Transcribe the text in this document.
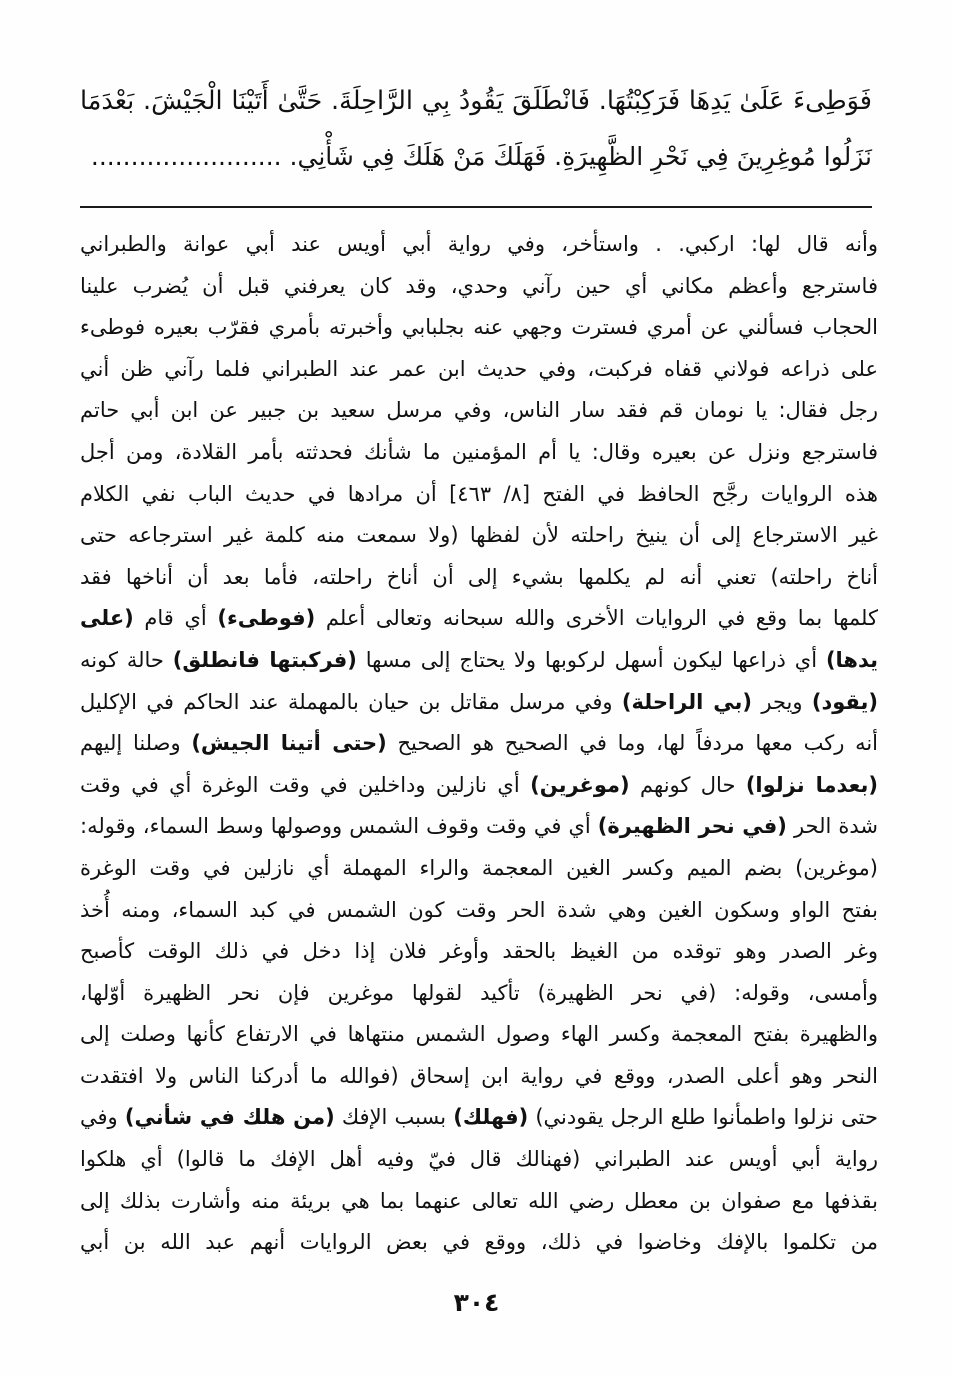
فَوَطِىءَ عَلَىٰ يَدِهَا فَرَكِبْتُهَا. فَانْطَلَقَ يَقُودُ بِي الرَّاحِلَةَ. حَتَّىٰ أَتَيْنَا الْجَيْشَ. بَعْدَمَا
نَزَلُوا مُوغِرِينَ فِي نَحْرِ الظَّهِيرَةِ. فَهَلَكَ مَنْ هَلَكَ فِي شَأْنِي. ........................
وأنه قال لها: اركبي. . واستأخر، وفي رواية أبي أويس عند أبي عوانة والطبراني
فاسترجع وأعظم مكاني أي حين رآني وحدي، وقد كان يعرفني قبل أن يُضرب علينا
الحجاب فسألني عن أمري فسترت وجهي عنه بجلبابي وأخبرته بأمري فقرّب بعيره فوطىء
على ذراعه فولاني قفاه فركبت، وفي حديث ابن عمر عند الطبراني فلما رآني ظن أني
رجل فقال: يا نومان قم فقد سار الناس، وفي مرسل سعيد بن جبير عن ابن أبي حاتم
فاسترجع ونزل عن بعيره وقال: يا أم المؤمنين ما شأنك فحدثته بأمر القلادة، ومن أجل
هذه الروايات رجَّح الحافظ في الفتح [٨/ ٤٦٣] أن مرادها في حديث الباب نفي الكلام
غير الاسترجاع إلى أن ينيخ راحلته لأن لفظها (ولا سمعت منه كلمة غير استرجاعه حتى
أناخ راحلته) تعني أنه لم يكلمها بشيء إلى أن أناخ راحلته، فأما بعد أن أناخها فقد
كلمها بما وقع في الروايات الأخرى والله سبحانه وتعالى أعلم (فوطىء) أي قام (على
يدها) أي ذراعها ليكون أسهل لركوبها ولا يحتاج إلى مسها (فركبتها فانطلق) حالة كونه
(يقود) ويجر (بي الراحلة) وفي مرسل مقاتل بن حيان بالمهملة عند الحاكم في الإكليل
أنه ركب معها مردفاً لها، وما في الصحيح هو الصحيح (حتى أتينا الجيش) وصلنا إليهم
(بعدما نزلوا) حال كونهم (موغرين) أي نازلين وداخلين في وقت الوغرة أي في وقت
شدة الحر (في نحر الظهيرة) أي في وقت وقوف الشمس ووصولها وسط السماء، وقوله:
(موغرين) بضم الميم وكسر الغين المعجمة والراء المهملة أي نازلين في وقت الوغرة
بفتح الواو وسكون الغين وهي شدة الحر وقت كون الشمس في كبد السماء، ومنه أُخذ
وغر الصدر وهو توقده من الغيظ بالحقد وأوغر فلان إذا دخل في ذلك الوقت كأصبح
وأمسى، وقوله: (في نحر الظهيرة) تأكيد لقولها موغرين فإن نحر الظهيرة أوّلها،
والظهيرة بفتح المعجمة وكسر الهاء وصول الشمس منتهاها في الارتفاع كأنها وصلت إلى
النحر وهو أعلى الصدر، ووقع في رواية ابن إسحاق (فوالله ما أدركنا الناس ولا افتقدت
حتى نزلوا واطمأنوا طلع الرجل يقودني) (فهلك) بسبب الإفك (من هلك في شأني) وفي
رواية أبي أويس عند الطبراني (فهنالك قال فيّ وفيه أهل الإفك ما قالوا) أي هلكوا
بقذفها مع صفوان بن معطل رضي الله تعالى عنهما بما هي بريئة منه وأشارت بذلك إلى
من تكلموا بالإفك وخاضوا في ذلك، ووقع في بعض الروايات أنهم عبد الله بن أبي
٣٠٤
